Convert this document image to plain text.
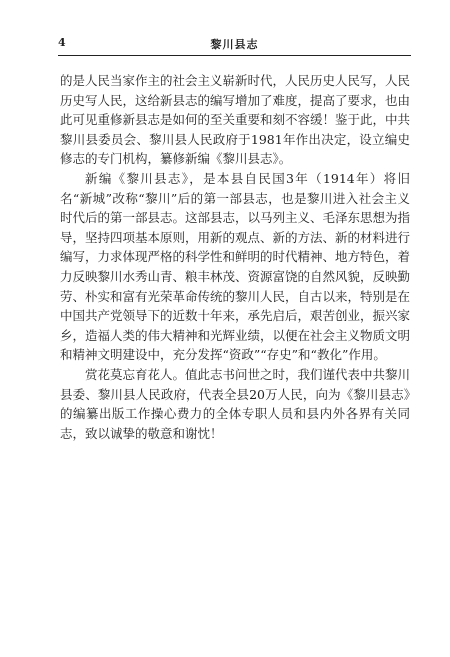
4	黎川县志

的是人民当家作主的社会主义崭新时代，人民历史人民写，人民历史写人民，这给新县志的编写增加了难度，提高了要求，也由此可见重修新县志是如何的至关重要和刻不容缓！鉴于此，中共黎川县委员会、黎川县人民政府于1981年作出决定，设立编史修志的专门机构，纂修新编《黎川县志》。

新编《黎川县志》，是本县自民国3年（1914年）将旧名“新城”改称“黎川”后的第一部县志，也是黎川进入社会主义时代后的第一部县志。这部县志，以马列主义、毛泽东思想为指导，坚持四项基本原则，用新的观点、新的方法、新的材料进行编写，力求体现严格的科学性和鲜明的时代精神、地方特色，着力反映黎川水秀山青、粮丰林茂、资源富饶的自然风貌，反映勤劳、朴实和富有光荣革命传统的黎川人民，自古以来，特别是在中国共产党领导下的近数十年来，承先启后，艰苦创业，振兴家乡，造福人类的伟大精神和光辉业绩，以便在社会主义物质文明和精神文明建设中，充分发挥“资政”“存史”和“教化”作用。

赏花莫忘育花人。值此志书问世之时，我们谨代表中共黎川县委、黎川县人民政府，代表全县20万人民，向为《黎川县志》的编纂出版工作操心费力的全体专职人员和县内外各界有关同志，致以诚挚的敬意和谢忱！
